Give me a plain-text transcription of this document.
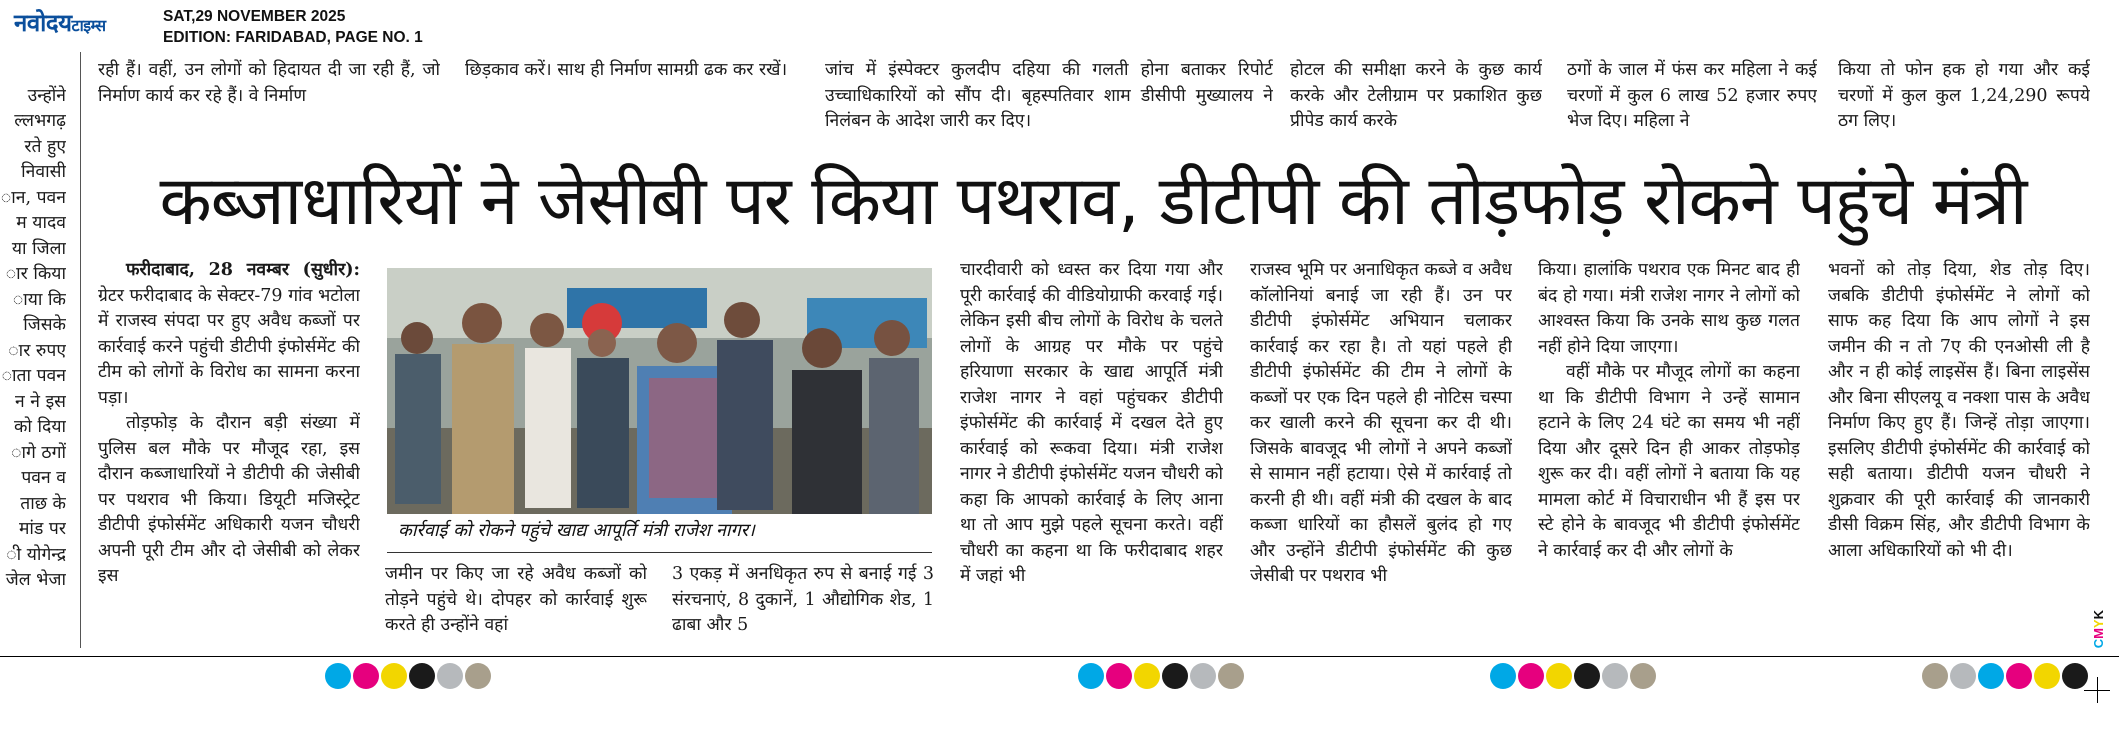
नवोदयटाइम्स	SAT,29 NOVEMBER 2025
EDITION: FARIDABAD, PAGE NO. 1

उन्होंने
ल्लभगढ़
रते हुए
निवासी
ान, पवन
म यादव
या जिला
ार किया
ाया कि
जिसके
ार रुपए
ाता पवन
न ने इस
को दिया
ागे ठगों
पवन व
ताछ के
मांड पर
ी योगेन्द्र
जेल भेजा

रही हैं। वहीं, उन लोगों को हिदायत दी जा रही हैं, जो निर्माण कार्य कर रहे हैं। वे निर्माण

छिड़काव करें। साथ ही निर्माण सामग्री ढक कर रखें।	जांच में इंस्पेक्टर कुलदीप दहिया की गलती होना बताकर रिपोर्ट उच्चाधिकारियों को सौंप दी। बृहस्पतिवार शाम डीसीपी मुख्यालय ने निलंबन के आदेश जारी कर दिए।

होटल की समीक्षा करने के कुछ कार्य करके और टेलीग्राम पर प्रकाशित कुछ प्रीपेड कार्य करके

ठगों के जाल में फंस कर महिला ने कई चरणों में कुल 6 लाख 52 हजार रुपए भेज दिए। महिला ने

किया तो फोन हक हो गया और कई चरणों में कुल कुल 1,24,290 रूपये ठग लिए।

कब्जाधारियों ने जेसीबी पर किया पथराव, डीटीपी की तोड़फोड़ रोकने पहुंचे मंत्री

फरीदाबाद, 28 नवम्बर (सुधीर): ग्रेटर फरीदाबाद के सेक्टर-79 गांव भटोला में राजस्व संपदा पर हुए अवैध कब्जों पर कार्रवाई करने पहुंची डीटीपी इंफोर्समेंट की टीम को लोगों के विरोध का सामना करना पड़ा।

तोड़फोड़ के दौरान बड़ी संख्या में पुलिस बल मौके पर मौजूद रहा, इस दौरान कब्जाधारियों ने डीटीपी की जेसीबी पर पथराव भी किया। डियूटी मजिस्ट्रेट डीटीपी इंफोर्समेंट अधिकारी यजन चौधरी अपनी पूरी टीम और दो जेसीबी को लेकर इस

कार्रवाई को रोकने पहुंचे खाद्य आपूर्ति मंत्री राजेश नागर।

जमीन पर किए जा रहे अवैध कब्जों को तोड़ने पहुंचे थे। दोपहर को कार्रवाई शुरू करते ही उन्होंने वहां

3 एकड़ में अनधिकृत रुप से बनाई गई 3 संरचनाएं, 8 दुकानें, 1 औद्योगिक शेड, 1 ढाबा और 5

चारदीवारी को ध्वस्त कर दिया गया और पूरी कार्रवाई की वीडियोग्राफी करवाई गई। लेकिन इसी बीच लोगों के विरोध के चलते लोगों के आग्रह पर मौके पर पहुंचे हरियाणा सरकार के खाद्य आपूर्ति मंत्री राजेश नागर ने वहां पहुंचकर डीटीपी इंफोर्समेंट की कार्रवाई में दखल देते हुए कार्रवाई को रूकवा दिया। मंत्री राजेश नागर ने डीटीपी इंफोर्समेंट यजन चौधरी को कहा कि आपको कार्रवाई के लिए आना था तो आप मुझे पहले सूचना करते। वहीं चौधरी का कहना था कि फरीदाबाद शहर में जहां भी

राजस्व भूमि पर अनाधिकृत कब्जे व अवैध कॉलोनियां बनाई जा रही हैं। उन पर डीटीपी इंफोर्समेंट अभियान चलाकर कार्रवाई कर रहा है। तो यहां पहले ही डीटीपी इंफोर्समेंट की टीम ने लोगों के कब्जों पर एक दिन पहले ही नोटिस चस्पा कर खाली करने की सूचना कर दी थी। जिसके बावजूद भी लोगों ने अपने कब्जों से सामान नहीं हटाया। ऐसे में कार्रवाई तो करनी ही थी। वहीं मंत्री की दखल के बाद कब्जा धारियों का हौसलें बुलंद हो गए और उन्होंने डीटीपी इंफोर्समेंट की कुछ जेसीबी पर पथराव भी

किया। हालांकि पथराव एक मिनट बाद ही बंद हो गया। मंत्री राजेश नागर ने लोगों को आश्वस्त किया कि उनके साथ कुछ गलत नहीं होने दिया जाएगा।

वहीं मौके पर मौजूद लोगों का कहना था कि डीटीपी विभाग ने उन्हें सामान हटाने के लिए 24 घंटे का समय भी नहीं दिया और दूसरे दिन ही आकर तोड़फोड़ शुरू कर दी। वहीं लोगों ने बताया कि यह मामला कोर्ट में विचाराधीन भी हैं इस पर स्टे होने के बावजूद भी डीटीपी इंफोर्समेंट ने कार्रवाई कर दी और लोगों के

भवनों को तोड़ दिया, शेड तोड़ दिए। जबकि डीटीपी इंफोर्समेंट ने लोगों को साफ कह दिया कि आप लोगों ने इस जमीन की न तो 7ए की एनओसी ली है और न ही कोई लाइसेंस हैं। बिना लाइसेंस और बिना सीएलयू व नक्शा पास के अवैध निर्माण किए हुए हैं। जिन्हें तोड़ा जाएगा। इसलिए डीटीपी इंफोर्समेंट की कार्रवाई को सही बताया। डीटीपी यजन चौधरी ने शुक्रवार की पूरी कार्रवाई की जानकारी डीसी विक्रम सिंह, और डीटीपी विभाग के आला अधिकारियों को भी दी।

CMYK
